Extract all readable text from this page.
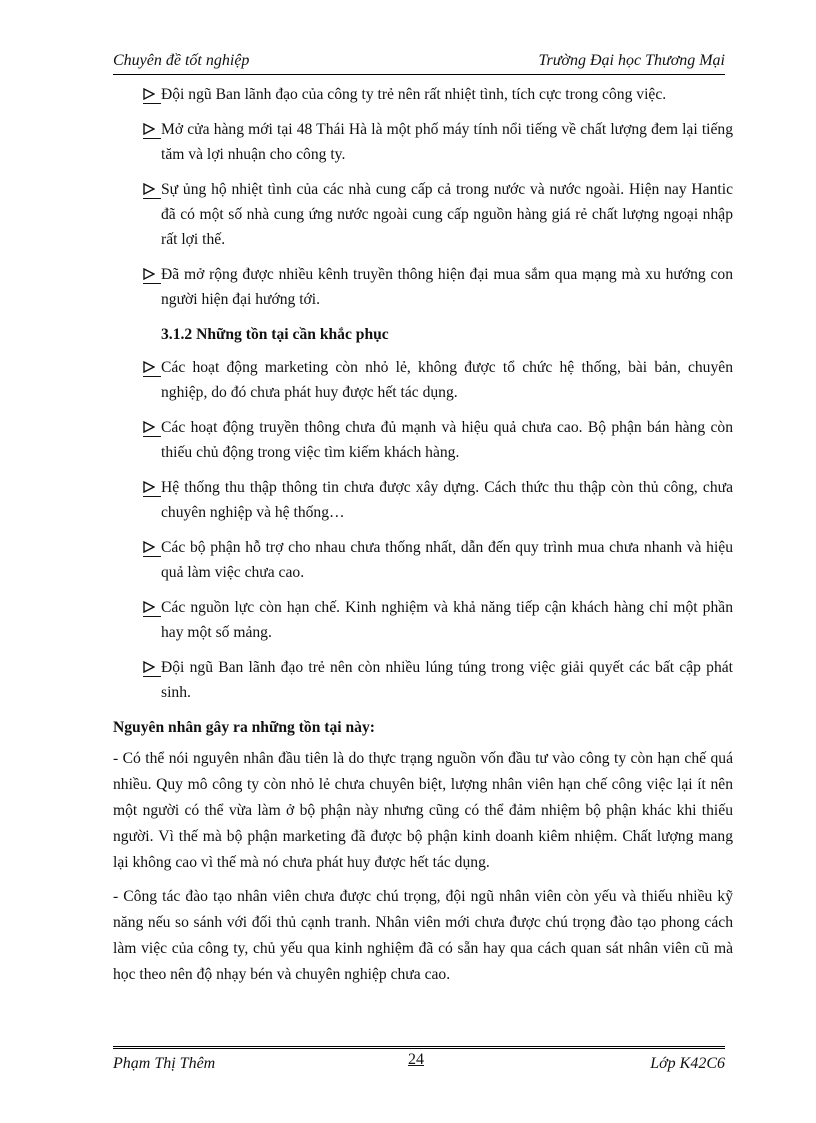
Chuyên đề tốt nghiệp	Trường Đại học Thương Mại
Đội ngũ Ban lãnh đạo của công ty trẻ nên rất nhiệt tình, tích cực trong công việc.
Mở cửa hàng mới tại 48 Thái Hà là một phố máy tính nổi tiếng về chất lượng đem lại tiếng tăm và lợi nhuận cho công ty.
Sự ủng hộ nhiệt tình của các nhà cung cấp cả trong nước và nước ngoài. Hiện nay Hantic đã có một số nhà cung ứng nước ngoài cung cấp nguồn hàng giá rẻ chất lượng ngoại nhập rất lợi thế.
Đã mở rộng được nhiều kênh truyền thông hiện đại mua sắm qua mạng mà xu hướng con người hiện đại hướng tới.
3.1.2 Những tồn tại cần khắc phục
Các hoạt động marketing còn nhỏ lẻ, không được tổ chức hệ thống, bài bản, chuyên nghiệp, do đó chưa phát huy được hết tác dụng.
Các hoạt động truyền thông chưa đủ mạnh và hiệu quả chưa cao. Bộ phận bán hàng còn thiếu chủ động trong việc tìm kiếm khách hàng.
Hệ thống thu thập thông tin chưa được xây dựng. Cách thức thu thập còn thủ công, chưa chuyên nghiệp và hệ thống…
Các bộ phận hỗ trợ cho nhau chưa thống nhất, dẫn đến quy trình mua chưa nhanh và hiệu quả làm việc chưa cao.
Các nguồn lực còn hạn chế. Kinh nghiệm và khả năng tiếp cận khách hàng chỉ một phần hay một số mảng.
Đội ngũ Ban lãnh đạo trẻ nên còn nhiều lúng túng trong việc giải quyết các bất cập phát sinh.
Nguyên nhân gây ra những tồn tại này:
- Có thể nói nguyên nhân đầu tiên là do thực trạng nguồn vốn đầu tư vào công ty còn hạn chế quá nhiều. Quy mô công ty còn nhỏ lẻ chưa chuyên biệt, lượng nhân viên hạn chế công việc lại ít nên một người có thể vừa làm ở bộ phận này nhưng cũng có thể đảm nhiệm bộ phận khác khi thiếu người. Vì thế mà bộ phận marketing đã được bộ phận kinh doanh kiêm nhiệm. Chất lượng mang lại không cao vì thế mà nó chưa phát huy được hết tác dụng.
- Công tác đào tạo nhân viên chưa được chú trọng, đội ngũ nhân viên còn yếu và thiếu nhiều kỹ năng nếu so sánh với đối thủ cạnh tranh. Nhân viên mới chưa được chú trọng đào tạo phong cách làm việc của công ty, chủ yếu qua kinh nghiệm đã có sẵn hay qua cách quan sát nhân viên cũ mà học theo nên độ nhạy bén và chuyên nghiệp chưa cao.
Phạm Thị Thêm	24	Lớp K42C6
